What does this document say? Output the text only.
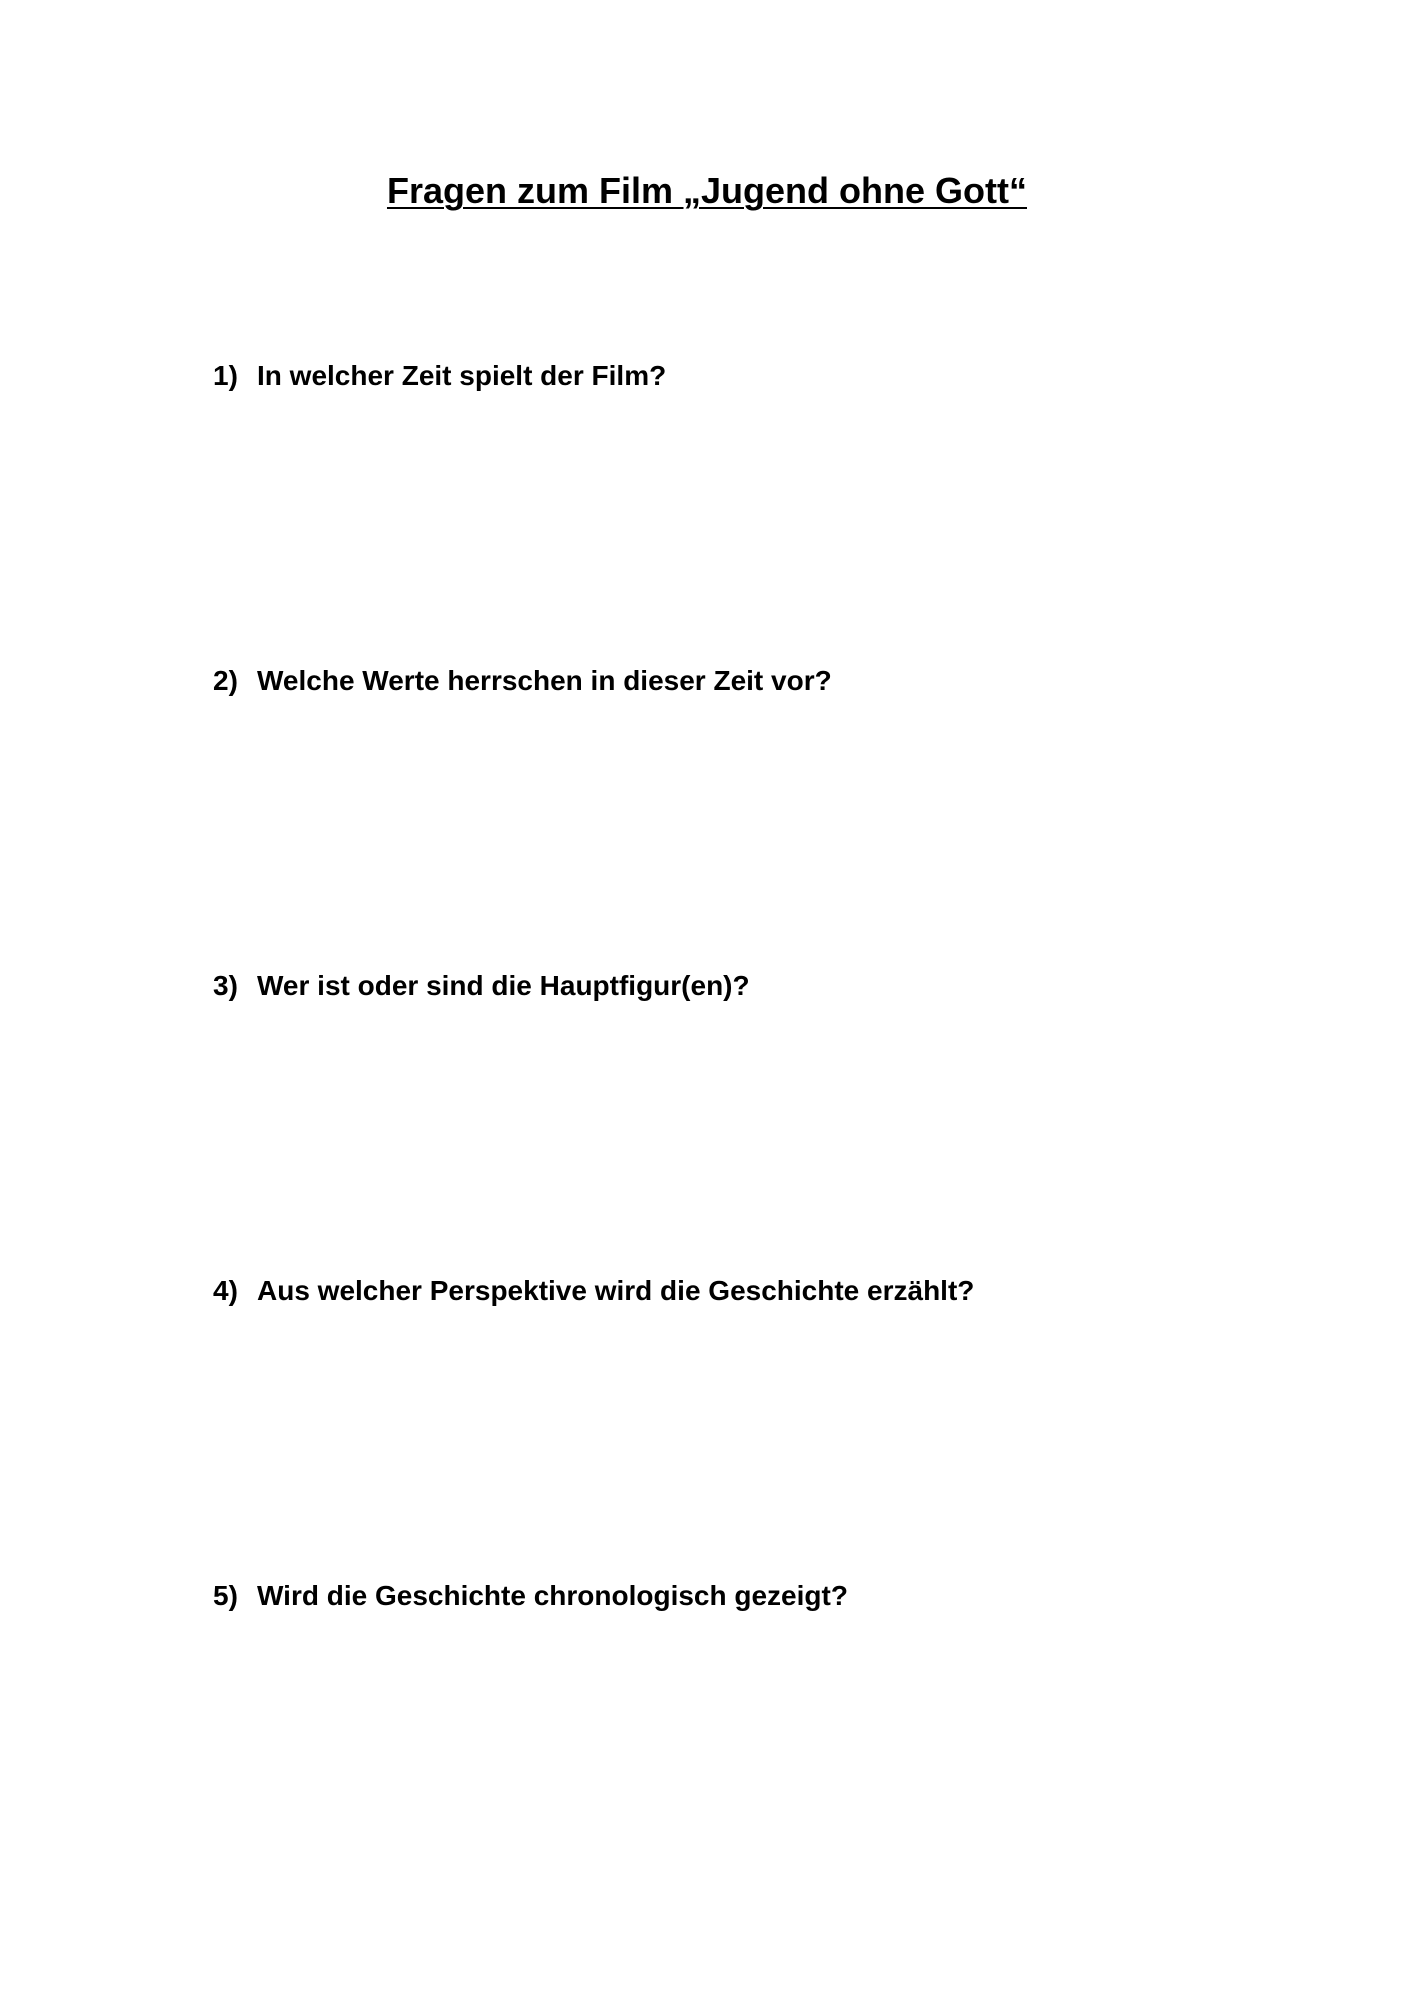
Fragen zum Film „Jugend ohne Gott“

1) In welcher Zeit spielt der Film?

2) Welche Werte herrschen in dieser Zeit vor?

3) Wer ist oder sind die Hauptfigur(en)?

4) Aus welcher Perspektive wird die Geschichte erzählt?

5) Wird die Geschichte chronologisch gezeigt?
